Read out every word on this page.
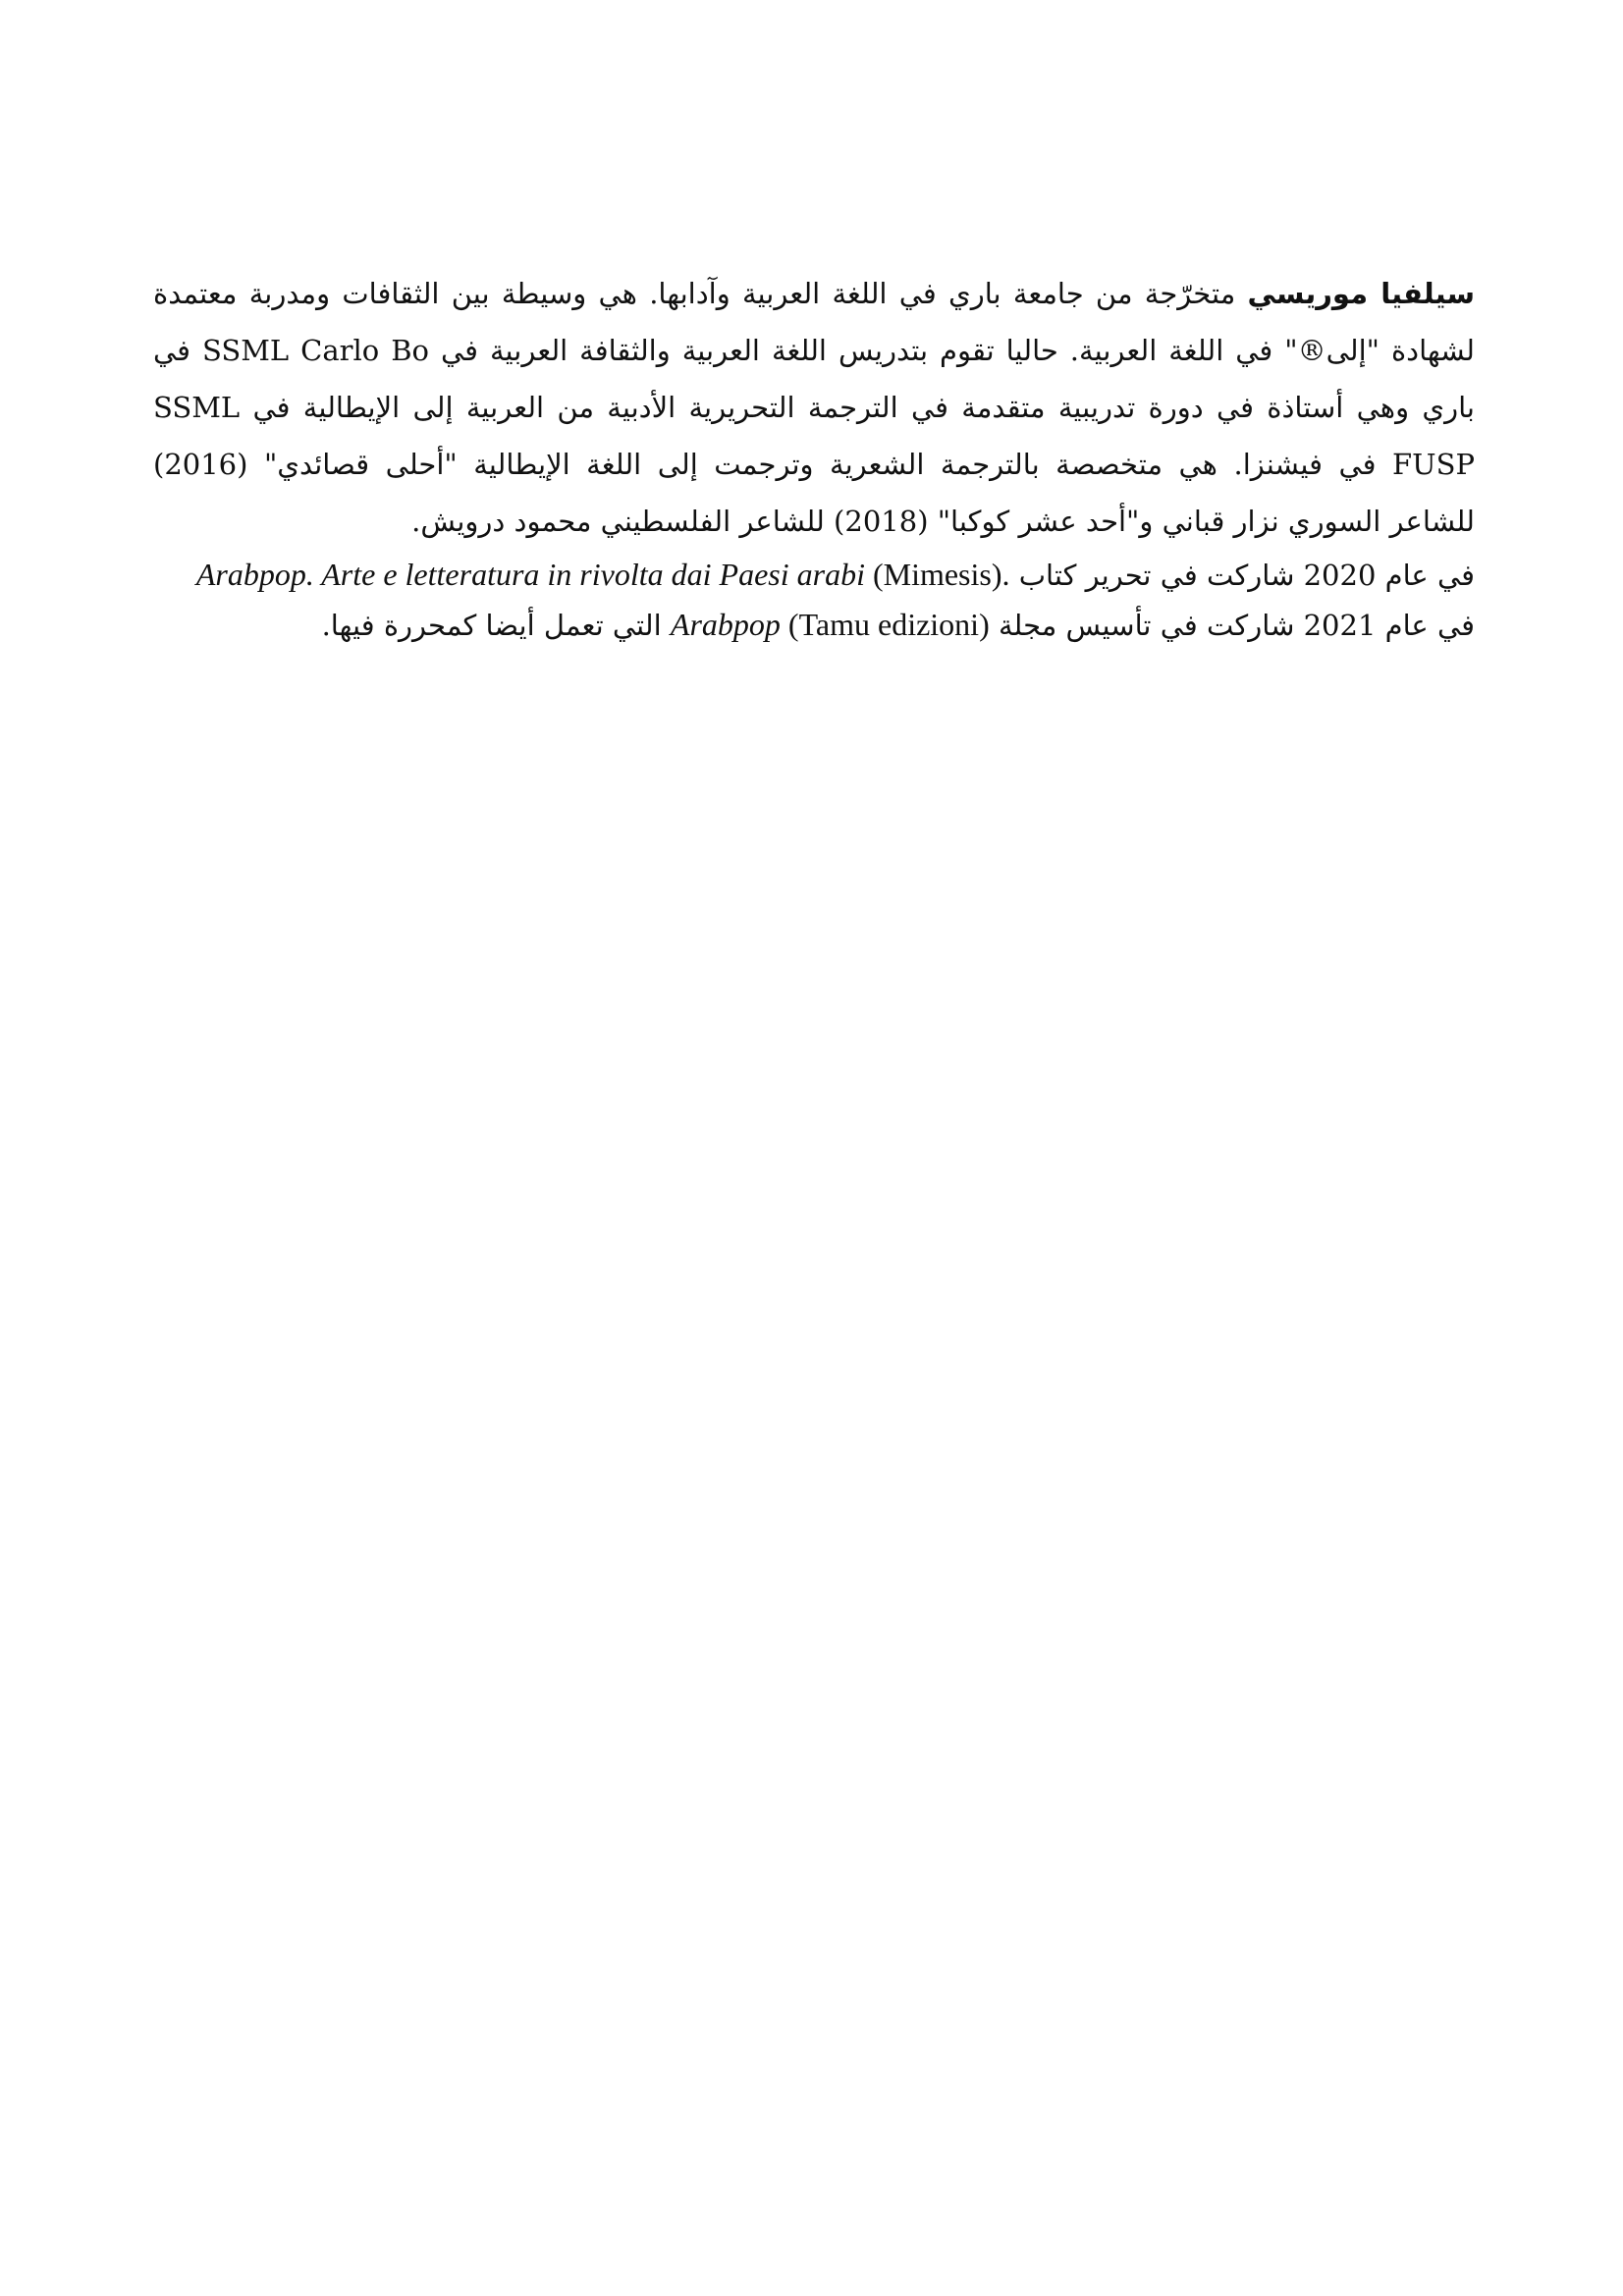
سيلفيا موريسي متخرّجة من جامعة باري في اللغة العربية وآدابها. هي وسيطة بين الثقافات ومدربة معتمدة لشهادة "إلى®" في اللغة العربية. حاليا تقوم بتدريس اللغة العربية والثقافة العربية في SSML Carlo Bo في باري وهي أستاذة في دورة تدريبية متقدمة في الترجمة التحريرية الأدبية من العربية إلى الإيطالية في SSML FUSP في فيشنزا. هي متخصصة بالترجمة الشعرية وترجمت إلى اللغة الإيطالية "أحلى قصائدي" (2016) للشاعر السوري نزار قباني و"أحد عشر كوكبا" (2018) للشاعر الفلسطيني محمود درويش.

في عام 2020 شاركت في تحرير كتاب Arabpop. Arte e letteratura in rivolta dai Paesi arabi (Mimesis).

في عام 2021 شاركت في تأسيس مجلة Arabpop (Tamu edizioni) التي تعمل أيضا كمحررة فيها.
